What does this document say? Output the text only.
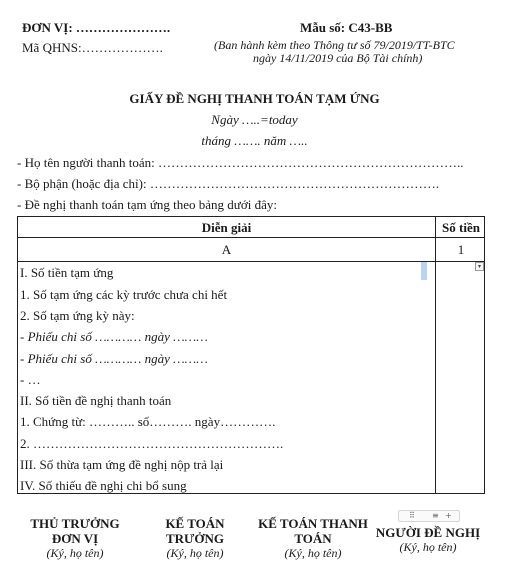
ĐƠN VỊ: ………………….
Mã QHNS:……………….
Mẫu số: C43-BB
(Ban hành kèm theo Thông tư số 79/2019/TT-BTC
ngày 14/11/2019 của Bộ Tài chính)
GIẤY ĐỀ NGHỊ THANH TOÁN TẠM ỨNG
Ngày …..=today
tháng ……. năm …..
- Họ tên người thanh toán: ……………………………………………………………..
- Bộ phận (hoặc địa chỉ): ………………………………………………………….
- Đề nghị thanh toán tạm ứng theo bảng dưới đây:
Diễn giải	Số tiền
A	1
I. Số tiền tạm ứng
1. Số tạm ứng các kỳ trước chưa chi hết
2. Số tạm ứng kỳ này:
- Phiếu chi số ………… ngày ………
- Phiếu chi số ………… ngày ………
- …
II. Số tiền đề nghị thanh toán
1. Chứng từ: ……….. số………. ngày………….
2. ………………………………………………….
III. Số thừa tạm ứng đề nghị nộp trả lại
IV. Số thiếu đề nghị chi bổ sung
▾
⠿ ≡ +
THỦ TRƯỞNG
ĐƠN VỊ
(Ký, họ tên)
KẾ TOÁN
TRƯỞNG
(Ký, họ tên)
KẾ TOÁN THANH
TOÁN
(Ký, họ tên)
NGƯỜI ĐỀ NGHỊ
(Ký, họ tên)
